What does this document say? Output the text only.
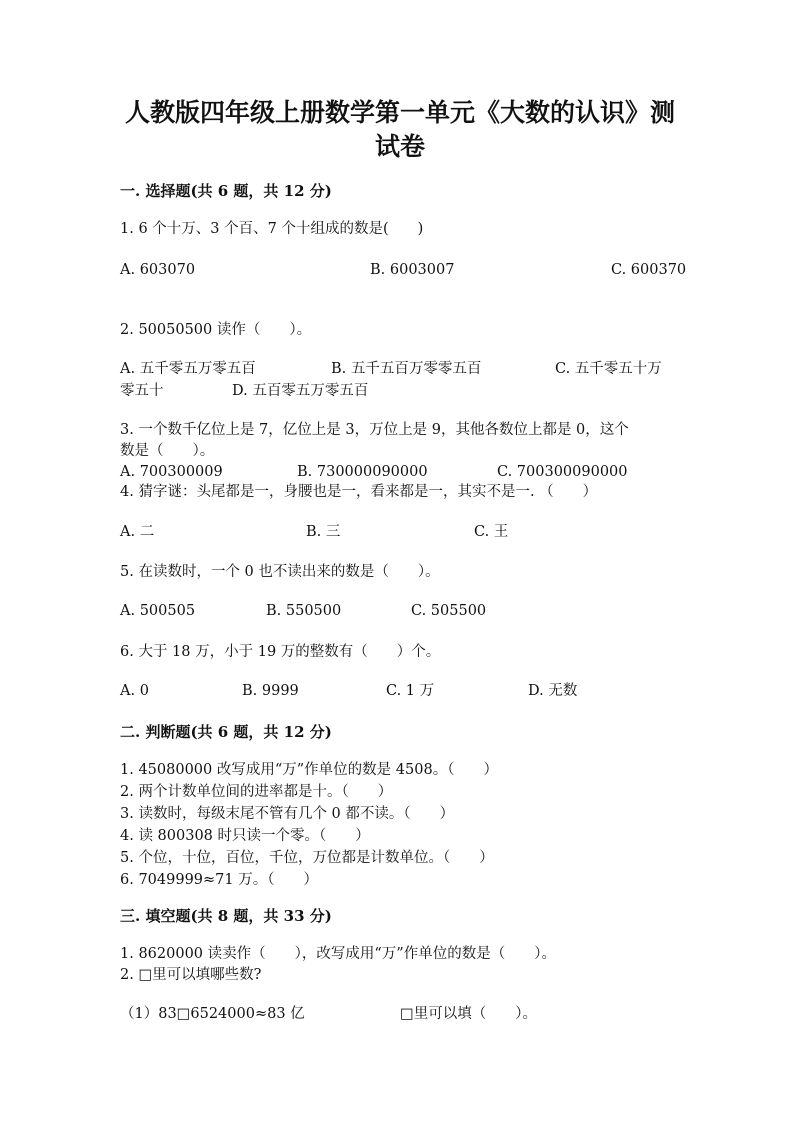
人教版四年级上册数学第一单元《大数的认识》测
试卷
一. 选择题(共 6 题，共 12 分)
1. 6 个十万、3 个百、7 个十组成的数是(　　)
A. 603070	B. 6003007	C. 600370
2. 50050500 读作（　　）。
A. 五千零五万零五百	B. 五千五百万零零五百	C. 五千零五十万
零五十	D. 五百零五万零五百
3. 一个数千亿位上是 7，亿位上是 3，万位上是 9，其他各数位上都是 0，这个
数是（　　）。
A. 700300009	B. 730000090000	C. 700300090000
4. 猜字谜：头尾都是一，身腰也是一，看来都是一，其实不是一. （　　）
A. 二	B. 三	C. 王
5. 在读数时，一个 0 也不读出来的数是（　　）。
A. 500505	B. 550500	C. 505500
6. 大于 18 万，小于 19 万的整数有（　　）个。
A. 0	B. 9999	C. 1 万	D. 无数
二. 判断题(共 6 题，共 12 分)
1. 45080000 改写成用“万”作单位的数是 4508。（　　）
2. 两个计数单位间的进率都是十。（　　）
3. 读数时，每级末尾不管有几个 0 都不读。（　　）
4. 读 800308 时只读一个零。（　　）
5. 个位，十位，百位，千位，万位都是计数单位。（　　）
6. 7049999≈71 万。（　　）
三. 填空题(共 8 题，共 33 分)
1. 8620000 读卖作（　　），改写成用“万”作单位的数是（　　）。
2. □里可以填哪些数?
（1）83□6524000≈83 亿	□里可以填（　　）。
